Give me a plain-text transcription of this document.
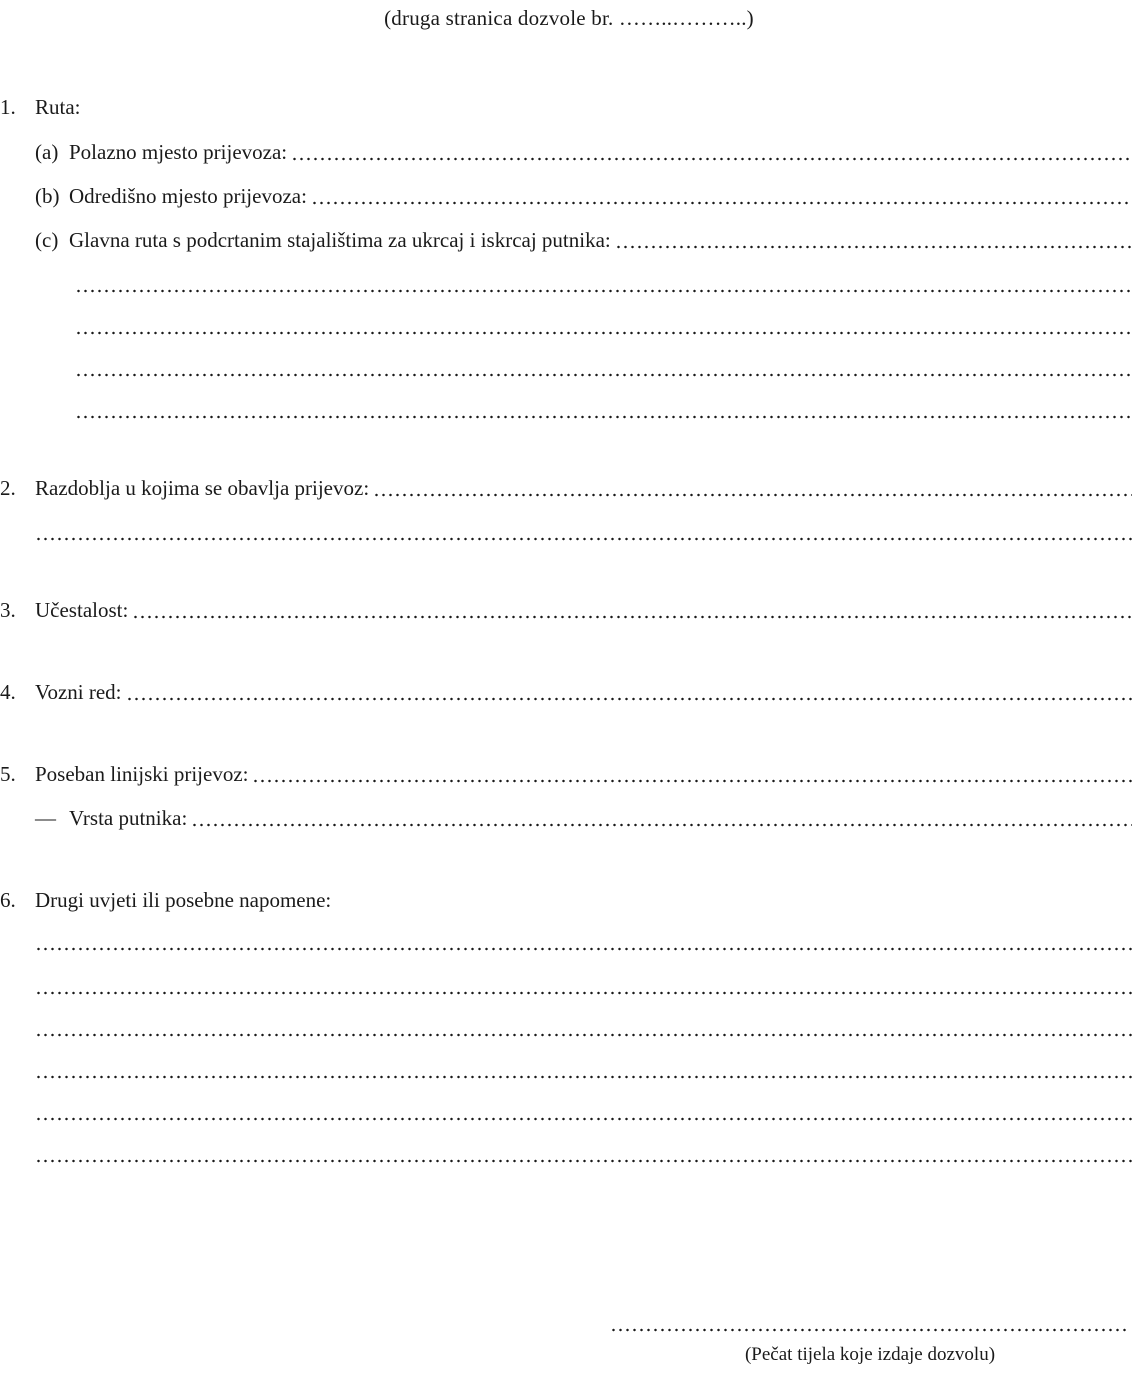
(druga stranica dozvole br. ……..………..)
1. Ruta:
(a) Polazno mjesto prijevoza:
(b) Odredišno mjesto prijevoza:
(c) Glavna ruta s podcrtanim stajalištima za ukrcaj i iskrcaj putnika:
2. Razdoblja u kojima se obavlja prijevoz:
3. Učestalost:
4. Vozni red:
5. Poseban linijski prijevoz:
— Vrsta putnika:
6. Drugi uvjeti ili posebne napomene:
(Pečat tijela koje izdaje dozvolu)
